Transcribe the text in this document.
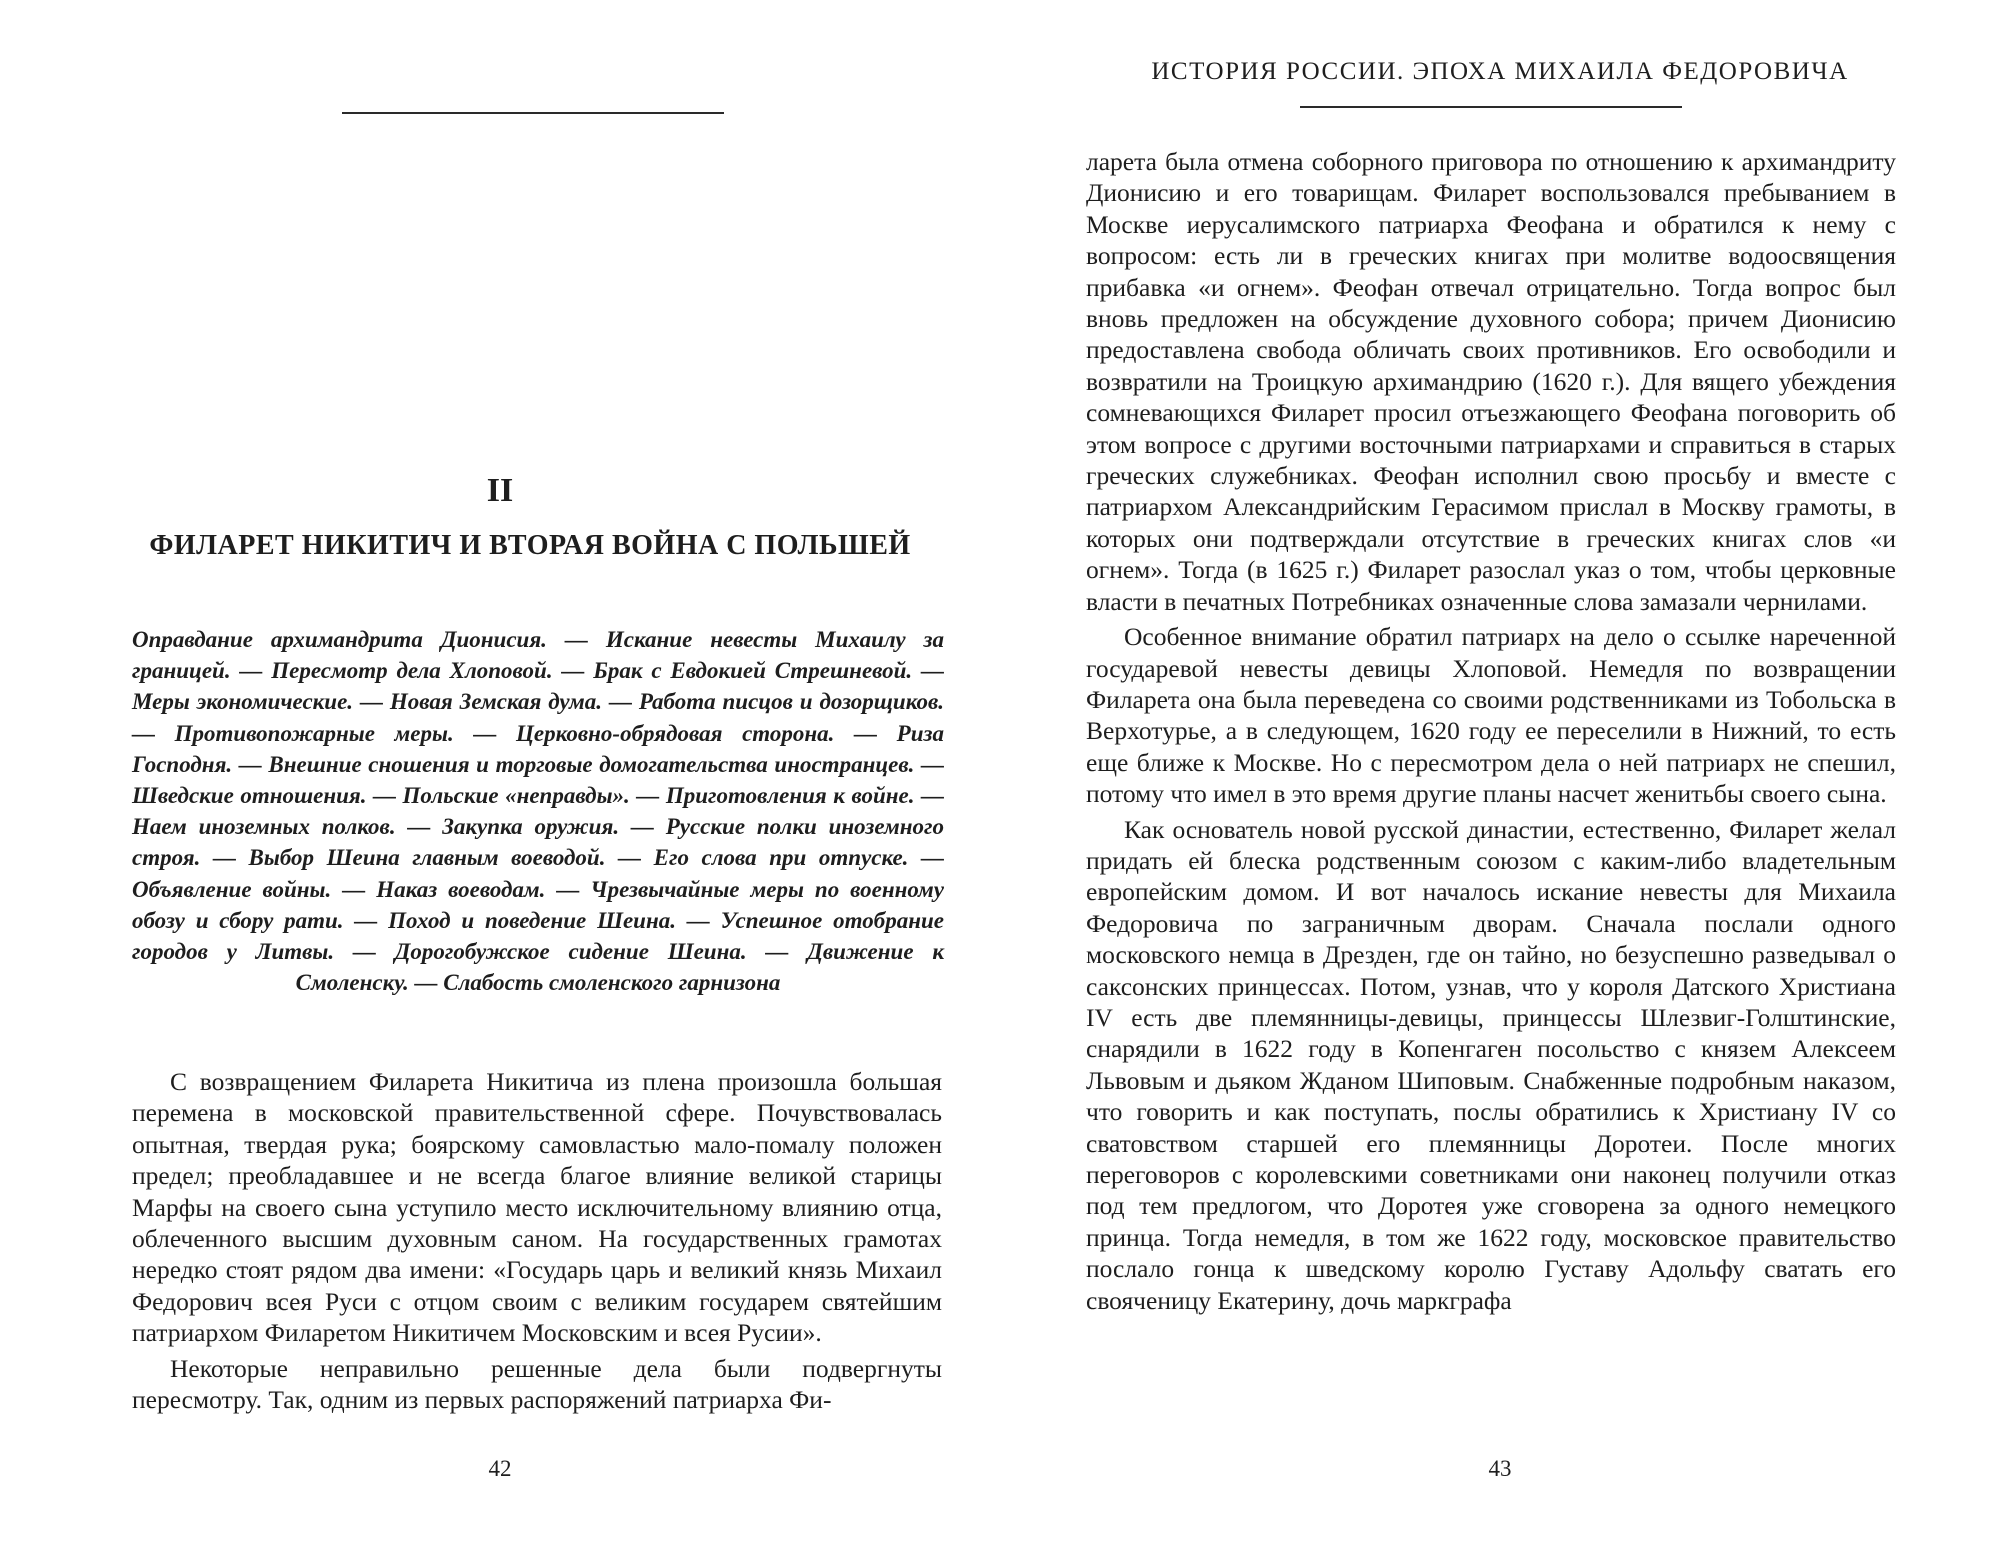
II
ФИЛАРЕТ НИКИТИЧ И ВТОРАЯ ВОЙНА С ПОЛЬШЕЙ
Оправдание архимандрита Дионисия. — Искание невесты Михаилу за границей. — Пересмотр дела Хлоповой. — Брак с Евдокией Стрешневой. — Меры экономические. — Новая Земская дума. — Работа писцов и дозорщиков. — Противопожарные меры. — Церковно-обрядовая сторона. — Риза Господня. — Внешние сношения и торговые домогательства иностранцев. — Шведские отношения. — Польские «неправды». — Приготовления к войне. — Наем иноземных полков. — Закупка оружия. — Русские полки иноземного строя. — Выбор Шеина главным воеводой. — Его слова при отпуске. — Объявление войны. — Наказ воеводам. — Чрезвычайные меры по военному обозу и сбору рати. — Поход и поведение Шеина. — Успешное отобрание городов у Литвы. — Дорогобужское сидение Шеина. — Движение к Смоленску. — Слабость смоленского гарнизона

С возвращением Филарета Никитича из плена произошла большая перемена в московской правительственной сфере. Почувствовалась опытная, твердая рука; боярскому самовластью мало-помалу положен предел; преобладавшее и не всегда благое влияние великой старицы Марфы на своего сына уступило место исключительному влиянию отца, облеченного высшим духовным саном. На государственных грамотах нередко стоят рядом два имени: «Государь царь и великий князь Михаил Федорович всея Руси с отцом своим с великим государем святейшим патриархом Филаретом Никитичем Московским и всея Русии».

Некоторые неправильно решенные дела были подвергнуты пересмотру. Так, одним из первых распоряжений патриарха Фи-

42
ИСТОРИЯ РОССИИ. ЭПОХА МИХАИЛА ФЕДОРОВИЧА

ларета была отмена соборного приговора по отношению к архимандриту Дионисию и его товарищам. Филарет воспользовался пребыванием в Москве иерусалимского патриарха Феофана и обратился к нему с вопросом: есть ли в греческих книгах при молитве водоосвящения прибавка «и огнем». Феофан отвечал отрицательно. Тогда вопрос был вновь предложен на обсуждение духовного собора; причем Дионисию предоставлена свобода обличать своих противников. Его освободили и возвратили на Троицкую архимандрию (1620 г.). Для вящего убеждения сомневающихся Филарет просил отъезжающего Феофана поговорить об этом вопросе с другими восточными патриархами и справиться в старых греческих служебниках. Феофан исполнил свою просьбу и вместе с патриархом Александрийским Герасимом прислал в Москву грамоты, в которых они подтверждали отсутствие в греческих книгах слов «и огнем». Тогда (в 1625 г.) Филарет разослал указ о том, чтобы церковные власти в печатных Потребниках означенные слова замазали чернилами.

Особенное внимание обратил патриарх на дело о ссылке нареченной государевой невесты девицы Хлоповой. Немедля по возвращении Филарета она была переведена со своими родственниками из Тобольска в Верхотурье, а в следующем, 1620 году ее переселили в Нижний, то есть еще ближе к Москве. Но с пересмотром дела о ней патриарх не спешил, потому что имел в это время другие планы насчет женитьбы своего сына.

Как основатель новой русской династии, естественно, Филарет желал придать ей блеска родственным союзом с каким-либо владетельным европейским домом. И вот началось искание невесты для Михаила Федоровича по заграничным дворам. Сначала послали одного московского немца в Дрезден, где он тайно, но безуспешно разведывал о саксонских принцессах. Потом, узнав, что у короля Датского Христиана IV есть две племянницы-девицы, принцессы Шлезвиг-Голштинские, снарядили в 1622 году в Копенгаген посольство с князем Алексеем Львовым и дьяком Жданом Шиповым. Снабженные подробным наказом, что говорить и как поступать, послы обратились к Христиану IV со сватовством старшей его племянницы Доротеи. После многих переговоров с королевскими советниками они наконец получили отказ под тем предлогом, что Доротея уже сговорена за одного немецкого принца. Тогда немедля, в том же 1622 году, московское правительство послало гонца к шведскому королю Густаву Адольфу сватать его свояченицу Екатерину, дочь маркграфа

43
